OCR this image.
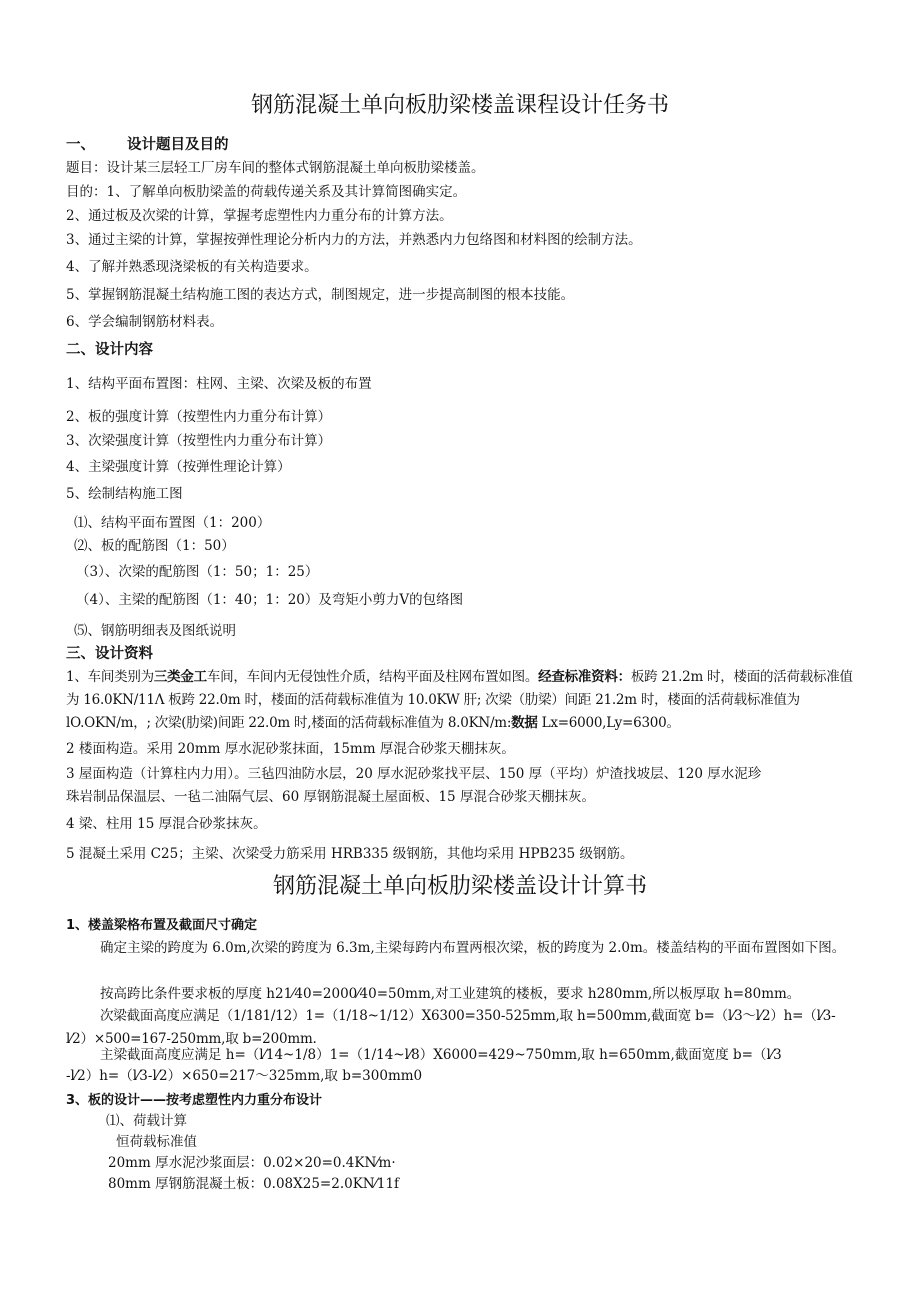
钢筋混凝土单向板肋梁楼盖课程设计任务书
一、 设计题目及目的
题目：设计某三层轻工厂房车间的整体式钢筋混凝土单向板肋梁楼盖。
目的：1、了解单向板肋梁盖的荷载传递关系及其计算简图确实定。
2、通过板及次梁的计算，掌握考虑塑性内力重分布的计算方法。
3、通过主梁的计算，掌握按弹性理论分析内力的方法，并熟悉内力包络图和材料图的绘制方法。
4、了解并熟悉现浇梁板的有关构造要求。
5、掌握钢筋混凝土结构施工图的表达方式，制图规定，进一步提高制图的根本技能。
6、学会编制钢筋材料表。
二、设计内容
1、结构平面布置图：柱网、主梁、次梁及板的布置
2、板的强度计算（按塑性内力重分布计算）
3、次梁强度计算（按塑性内力重分布计算）
4、主梁强度计算（按弹性理论计算）
5、绘制结构施工图
⑴、结构平面布置图（1：200）
⑵、板的配筋图（1：50）
（3）、次梁的配筋图（1：50；1：25）
（4）、主梁的配筋图（1：40；1：20）及弯矩小剪力V的包络图
⑸、钢筋明细表及图纸说明
三、设计资料
1、车间类别为三类金工车间，车间内无侵蚀性介质，结构平面及柱网布置如图。经查标准资料：板跨 21.2m 时，楼面的活荷载标准值为 16.0KN/11Λ 板跨 22.0m 时，楼面的活荷载标准值为 10.0KW 肝; 次梁（肋梁）间距 21.2m 时，楼面的活荷载标准值为 lO.OKN/m，; 次梁(肋梁)间距 22.0m 时,楼面的活荷载标准值为 8.0KN/m:数据 Lx=6000,Ly=6300。
2 楼面构造。采用 20mm 厚水泥砂浆抹面，15mm 厚混合砂浆天棚抹灰。
3 屋面构造（计算柱内力用）。三毡四油防水层，20 厚水泥砂浆找平层、150 厚（平均）炉渣找坡层、120 厚水泥珍
珠岩制品保温层、一毡二油隔气层、60 厚钢筋混凝土屋面板、15 厚混合砂浆天棚抹灰。
4 梁、柱用 15 厚混合砂浆抹灰。
5 混凝土采用 C25；主梁、次梁受力筋采用 HRB335 级钢筋，其他均采用 HPB235 级钢筋。
钢筋混凝土单向板肋梁楼盖设计计算书
1、楼盖梁格布置及截面尺寸确定
确定主梁的跨度为 6.0m,次梁的跨度为 6.3m,主梁每跨内布置两根次梁，板的跨度为 2.0m。楼盖结构的平面布置图如下图。
按高跨比条件要求板的厚度 h21⁄40=2000⁄40=50mm,对工业建筑的楼板，要求 h280mm,所以板厚取 h=80mm。
次梁截面高度应满足（1/181/12）1=（1/18~1/12）X6300=350-525mm,取 h=500mm,截面宽 b=（l⁄3～l⁄2）h=（l⁄3-l⁄2）×500=167-250mm,取 b=200mm.
主梁截面高度应满足 h=（l⁄14~1/8）1=（1/14~l⁄8）X6000=429~750mm,取 h=650mm,截面宽度 b=（l⁄3
-l⁄2）h=（l⁄3-l⁄2）×650=217～325mm,取 b=300mm0
3、板的设计——按考虑塑性内力重分布设计
⑴、荷载计算
恒荷载标准值
20mm 厚水泥沙浆面层：0.02×20=0.4KN⁄m·
80mm 厚钢筋混凝土板：0.08X25=2.0KN⁄11f
